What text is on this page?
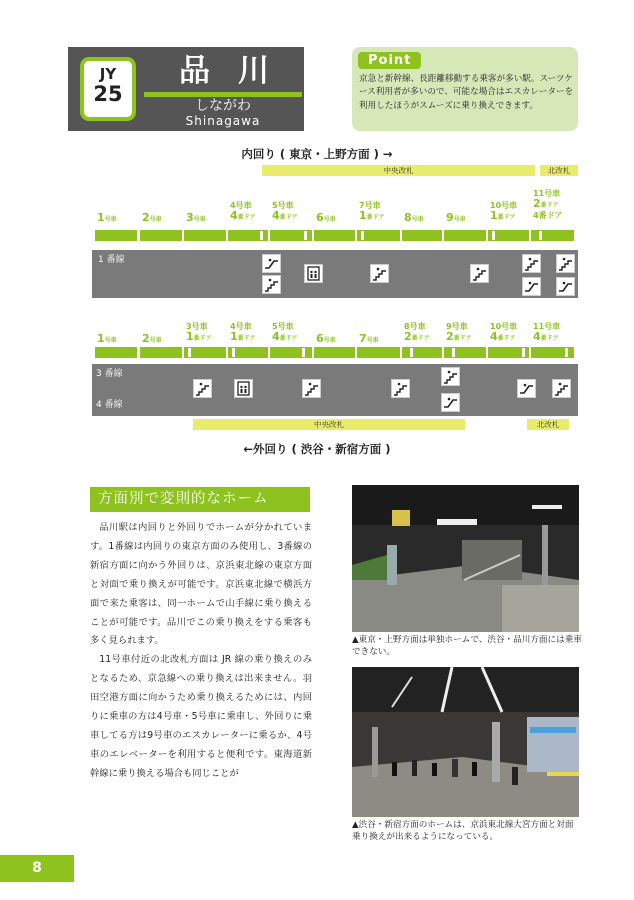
JY
25
品川
しながわ
Shinagawa
Point
京急と新幹線、長距離移動する乗客が多い駅。スーツケース利用者が多いので、可能な場合はエスカレーターを利用したほうがスムーズに乗り換えできます。
内回り ( 東京・上野方面 ) →
中央改札	北改札
1号車 2号車 3号車
4号車
4番ドア
5号車
4番ドア 6号車
7号車
1番ドア 8号車 9号車
10号車
1番ドア
11号車
2番ドア
4番ドア
1 番線
1号車 2号車
3号車
1番ドア
4号車
1番ドア
5号車
4番ドア 6号車 7号車
8号車
2番ドア
9号車
2番ドア
10号車
4番ドア
11号車
4番ドア
3 番線
4 番線
中央改札	北改札
←外回り ( 渋谷・新宿方面 )
方面別で変則的なホーム

品川駅は内回りと外回りでホームが分かれています。1番線は内回りの東京方面のみ使用し、3番線の新宿方面に向かう外回りは、京浜東北線の東京方面と対面で乗り換えが可能です。京浜東北線で横浜方面で来た乗客は、同一ホームで山手線に乗り換えることが可能です。品川でこの乗り換えをする乗客も多く見られます。

11号車付近の北改札方面は JR 線の乗り換えのみとなるため、京急線への乗り換えは出来ません。羽田空港方面に向かうため乗り換えるためには、内回りに乗車の方は4号車・5号車に乗車し、外回りに乗車してる方は9号車のエスカレーターに乗るか、4号車のエレベーターを利用すると便利です。東海道新幹線に乗り換える場合も同じことが

▲東京・上野方面は単独ホームで、渋谷・品川方面には乗車できない。
▲渋谷・新宿方面のホームは、京浜東北線大宮方面と対面乗り換えが出来るようになっている。
8
